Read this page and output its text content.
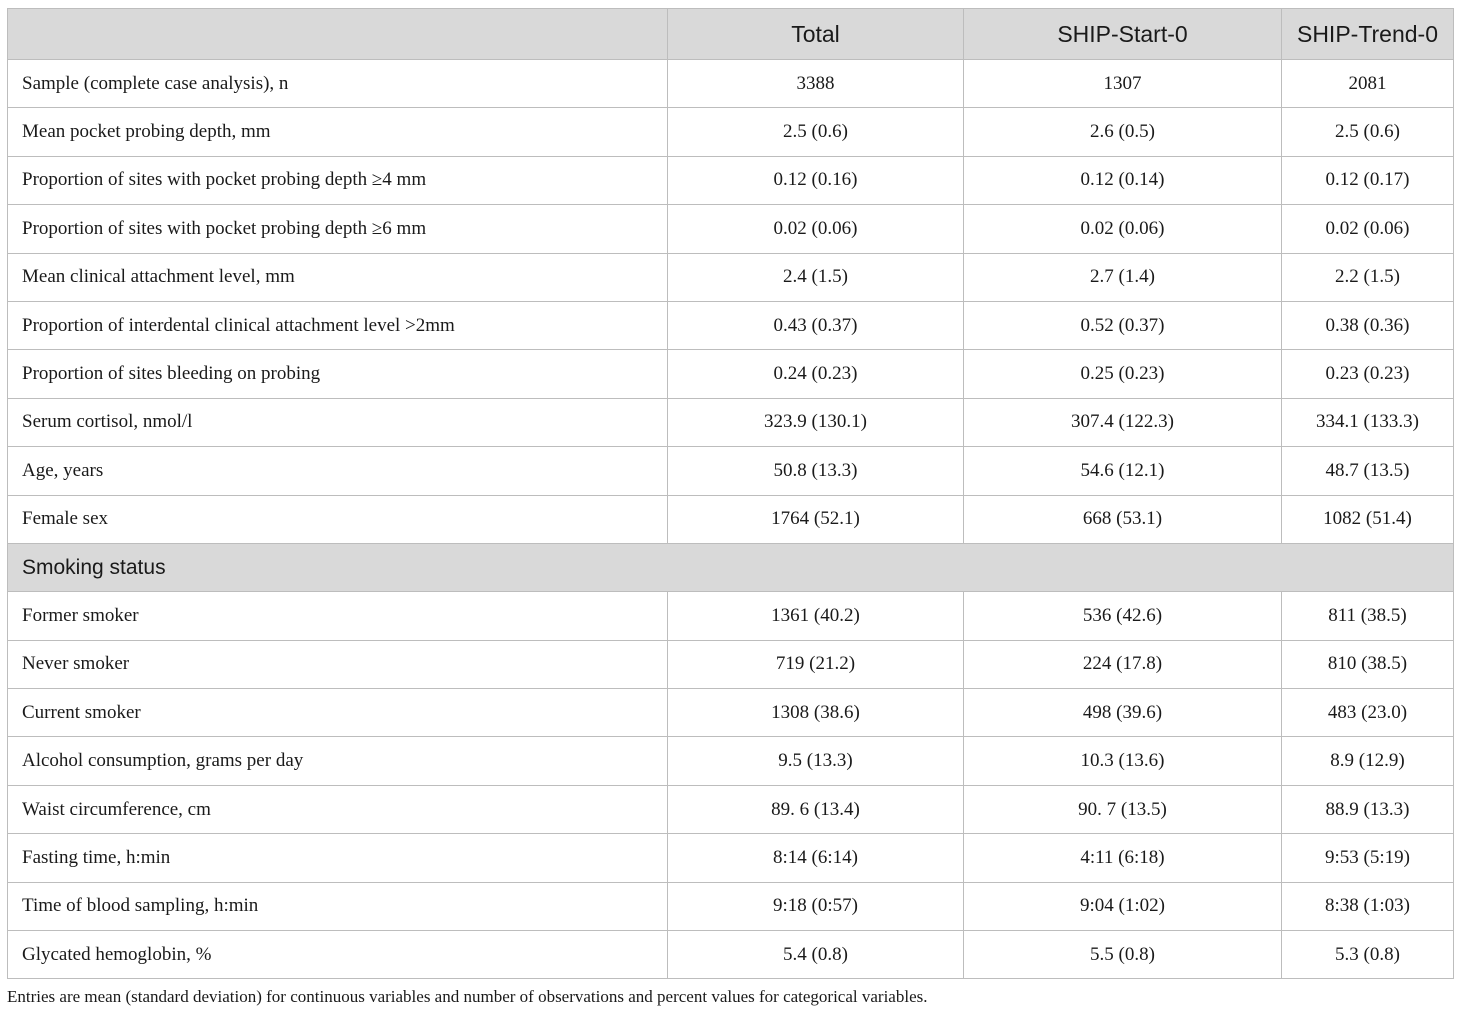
	Total	SHIP-Start-0	SHIP-Trend-0
Sample (complete case analysis), n	3388	1307	2081
Mean pocket probing depth, mm	2.5 (0.6)	2.6 (0.5)	2.5 (0.6)
Proportion of sites with pocket probing depth ≥4 mm	0.12 (0.16)	0.12 (0.14)	0.12 (0.17)
Proportion of sites with pocket probing depth ≥6 mm	0.02 (0.06)	0.02 (0.06)	0.02 (0.06)
Mean clinical attachment level, mm	2.4 (1.5)	2.7 (1.4)	2.2 (1.5)
Proportion of interdental clinical attachment level >2mm	0.43 (0.37)	0.52 (0.37)	0.38 (0.36)
Proportion of sites bleeding on probing	0.24 (0.23)	0.25 (0.23)	0.23 (0.23)
Serum cortisol, nmol/l	323.9 (130.1)	307.4 (122.3)	334.1 (133.3)
Age, years	50.8 (13.3)	54.6 (12.1)	48.7 (13.5)
Female sex	1764 (52.1)	668 (53.1)	1082 (51.4)
Smoking status			
Former smoker	1361 (40.2)	536 (42.6)	811 (38.5)
Never smoker	719 (21.2)	224 (17.8)	810 (38.5)
Current smoker	1308 (38.6)	498 (39.6)	483 (23.0)
Alcohol consumption, grams per day	9.5 (13.3)	10.3 (13.6)	8.9 (12.9)
Waist circumference, cm	89. 6 (13.4)	90. 7 (13.5)	88.9 (13.3)
Fasting time, h:min	8:14 (6:14)	4:11 (6:18)	9:53 (5:19)
Time of blood sampling, h:min	9:18 (0:57)	9:04 (1:02)	8:38 (1:03)
Glycated hemoglobin, %	5.4 (0.8)	5.5 (0.8)	5.3 (0.8)
Entries are mean (standard deviation) for continuous variables and number of observations and percent values for categorical variables.
